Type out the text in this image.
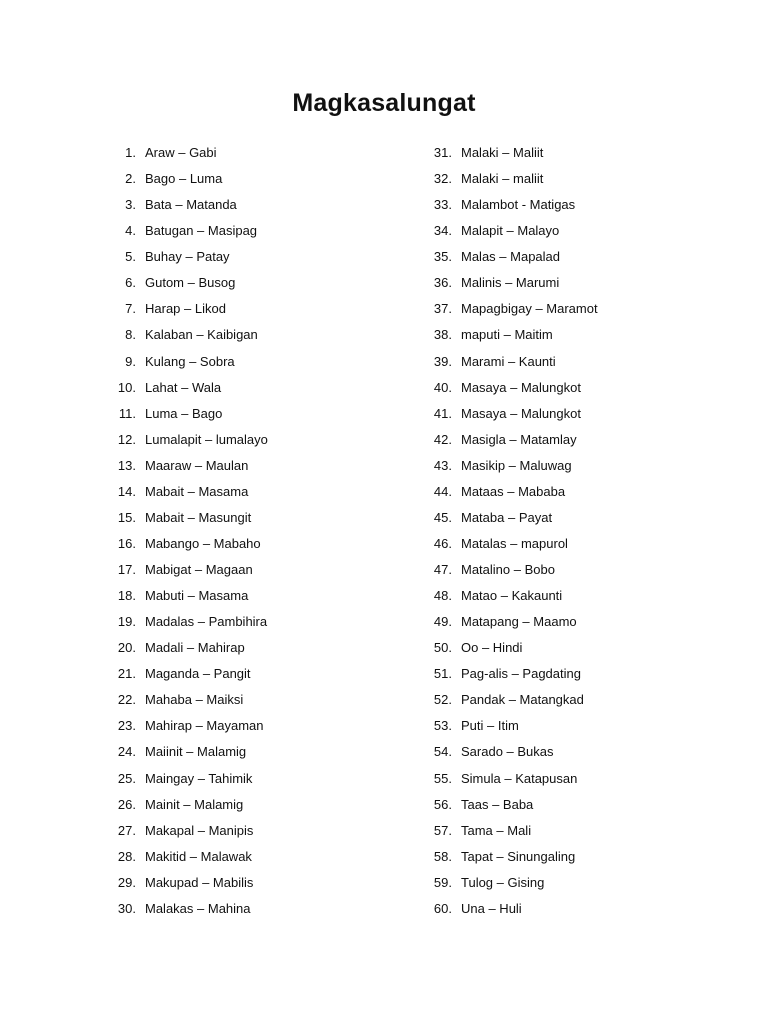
Magkasalungat
1. Araw – Gabi
2. Bago – Luma
3. Bata – Matanda
4. Batugan – Masipag
5. Buhay – Patay
6. Gutom – Busog
7. Harap – Likod
8. Kalaban – Kaibigan
9. Kulang – Sobra
10. Lahat – Wala
11. Luma – Bago
12. Lumalapit – lumalayo
13. Maaraw – Maulan
14. Mabait – Masama
15. Mabait – Masungit
16. Mabango – Mabaho
17. Mabigat – Magaan
18. Mabuti – Masama
19. Madalas – Pambihira
20. Madali – Mahirap
21. Maganda – Pangit
22. Mahaba – Maiksi
23. Mahirap – Mayaman
24. Maiinit – Malamig
25. Maingay – Tahimik
26. Mainit – Malamig
27. Makapal – Manipis
28. Makitid – Malawak
29. Makupad – Mabilis
30. Malakas – Mahina
31. Malaki – Maliit
32. Malaki – maliit
33. Malambot - Matigas
34. Malapit – Malayo
35. Malas – Mapalad
36. Malinis – Marumi
37. Mapagbigay – Maramot
38. maputi – Maitim
39. Marami – Kaunti
40. Masaya – Malungkot
41. Masaya – Malungkot
42. Masigla – Matamlay
43. Masikip – Maluwag
44. Mataas – Mababa
45. Mataba – Payat
46. Matalas – mapurol
47. Matalino – Bobo
48. Matao – Kakaunti
49. Matapang – Maamo
50. Oo – Hindi
51. Pag-alis – Pagdating
52. Pandak – Matangkad
53. Puti – Itim
54. Sarado – Bukas
55. Simula – Katapusan
56. Taas – Baba
57. Tama – Mali
58. Tapat – Sinungaling
59. Tulog – Gising
60. Una – Huli
